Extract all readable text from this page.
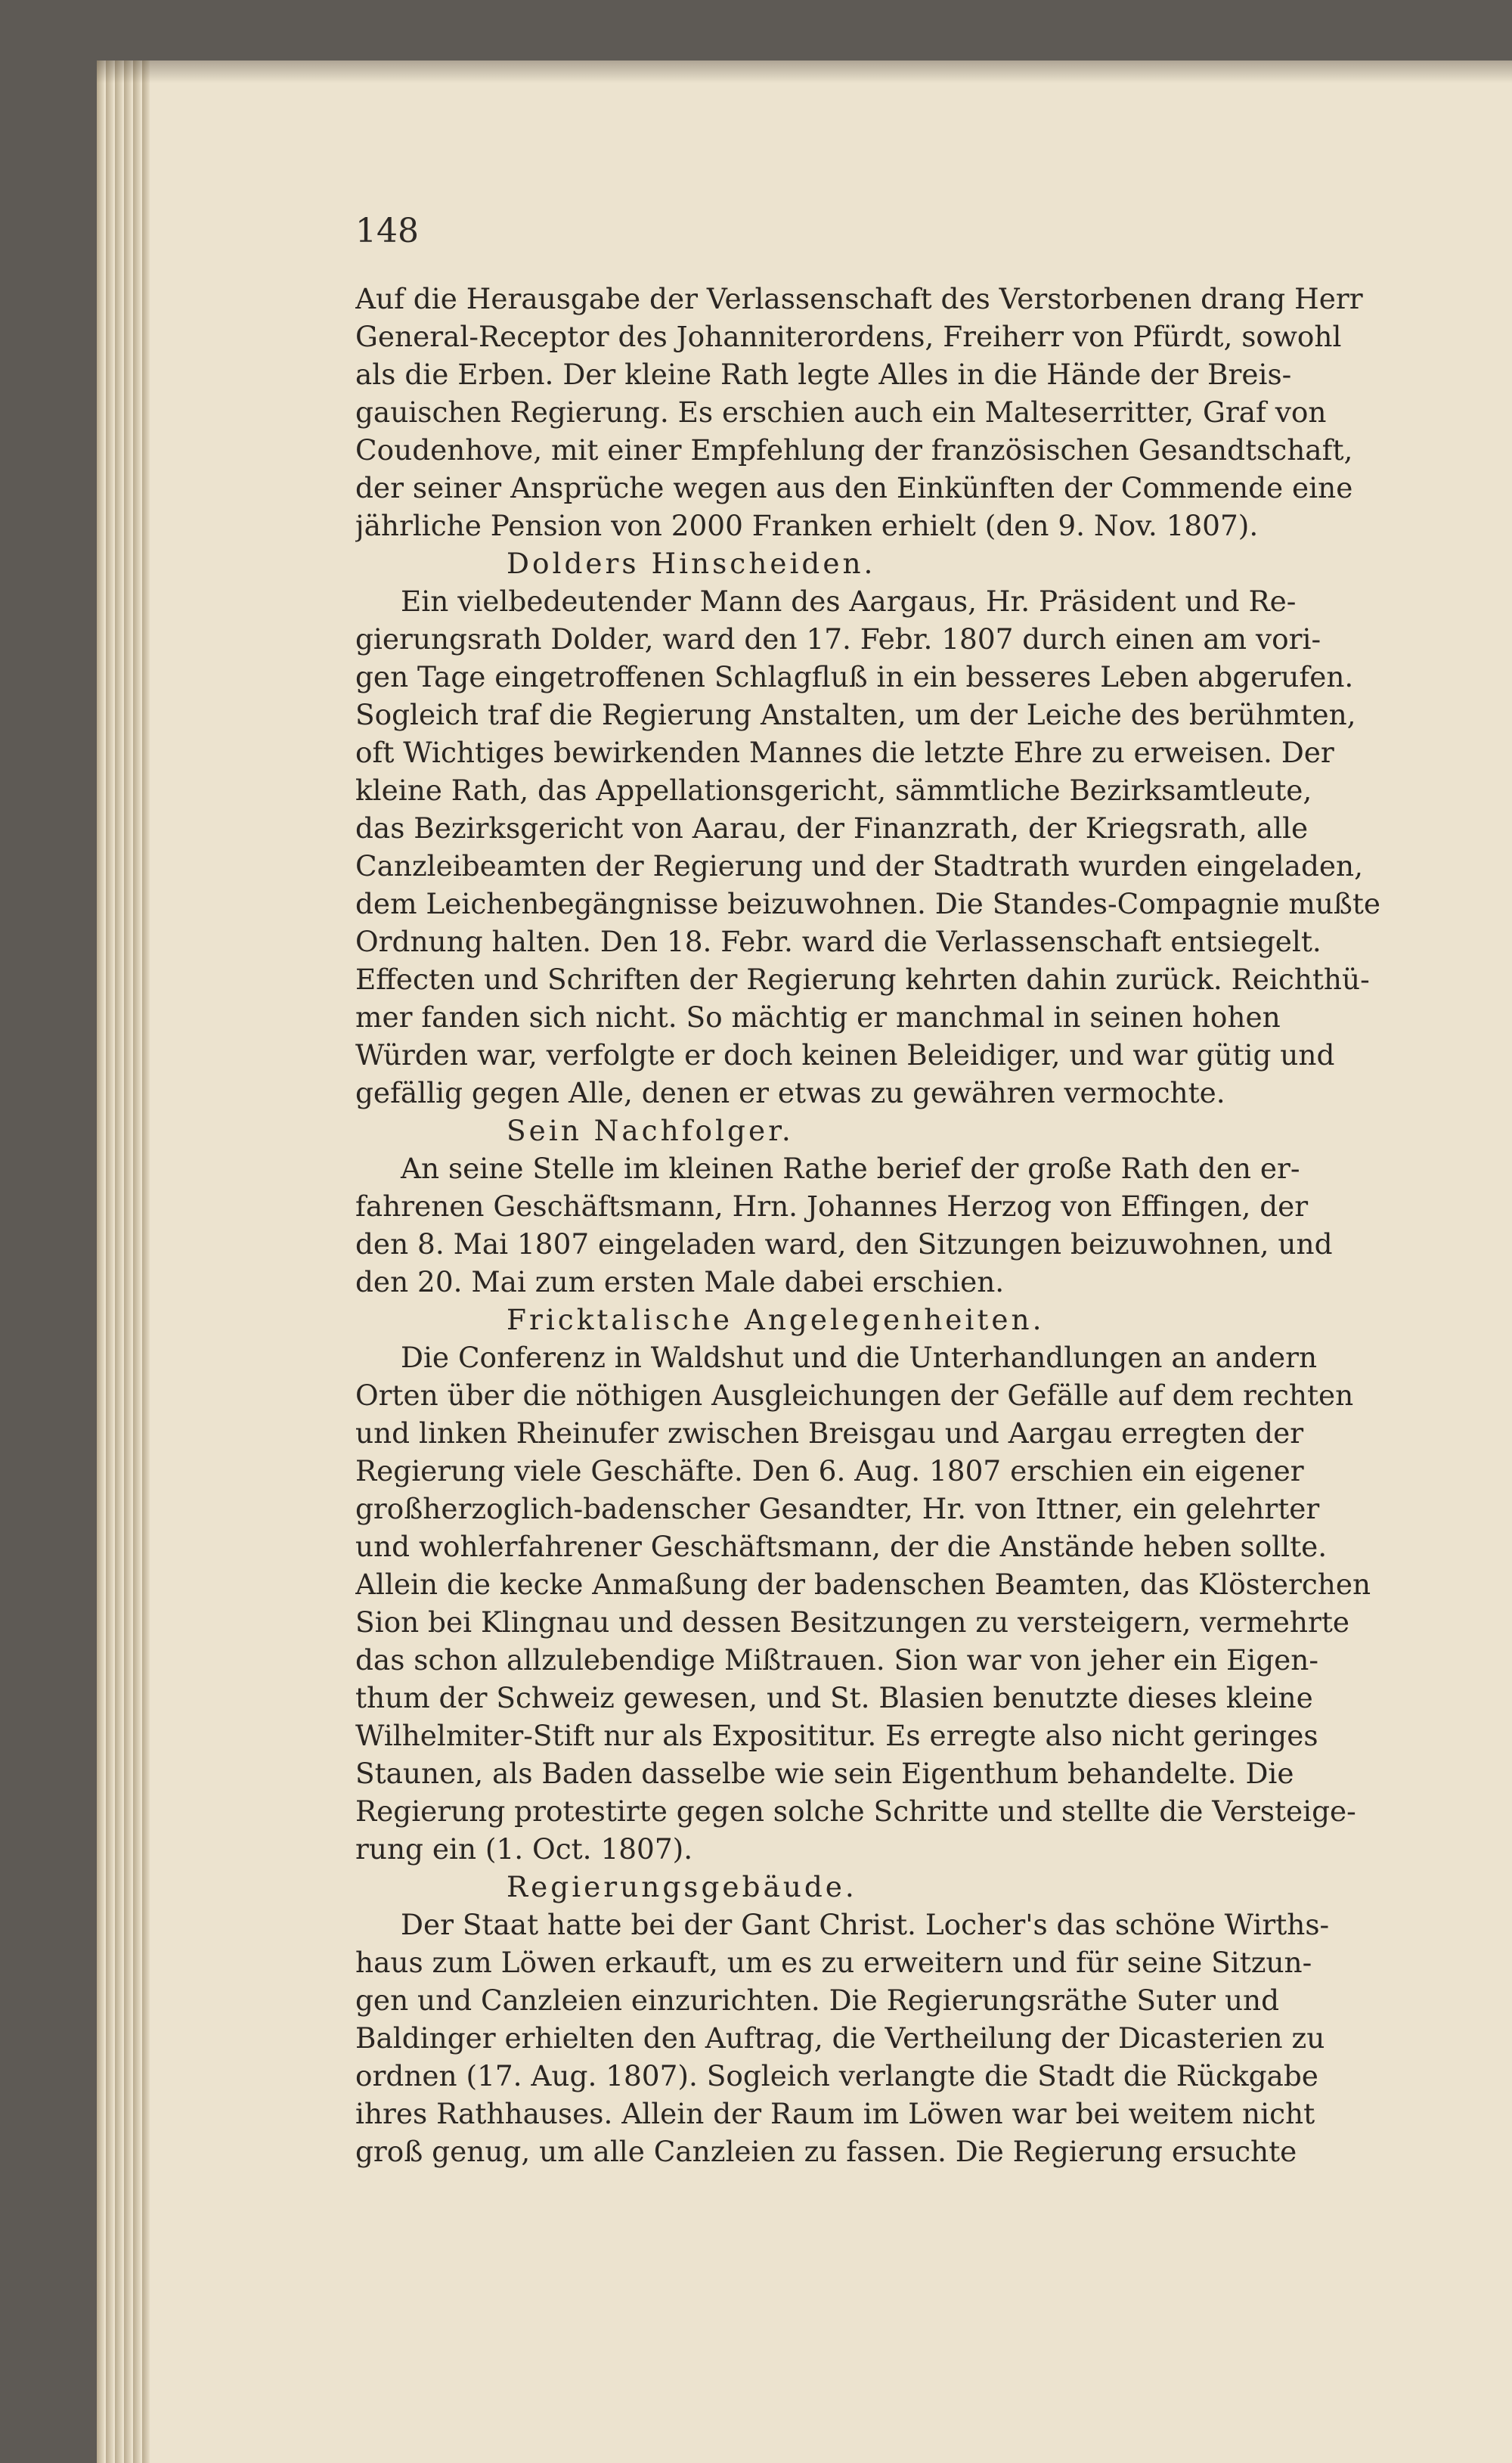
148
Auf die Herausgabe der Verlassenschaft des Verstorbenen drang Herr
General-Receptor des Johanniterordens, Freiherr von Pfürdt, sowohl
als die Erben. Der kleine Rath legte Alles in die Hände der Breis-
gauischen Regierung. Es erschien auch ein Malteserritter, Graf von
Coudenhove, mit einer Empfehlung der französischen Gesandtschaft,
der seiner Ansprüche wegen aus den Einkünften der Commende eine
jährliche Pension von 2000 Franken erhielt (den 9. Nov. 1807).
Dolders Hinscheiden.
Ein vielbedeutender Mann des Aargaus, Hr. Präsident und Re-
gierungsrath Dolder, ward den 17. Febr. 1807 durch einen am vori-
gen Tage eingetroffenen Schlagfluß in ein besseres Leben abgerufen.
Sogleich traf die Regierung Anstalten, um der Leiche des berühmten,
oft Wichtiges bewirkenden Mannes die letzte Ehre zu erweisen. Der
kleine Rath, das Appellationsgericht, sämmtliche Bezirksamtleute,
das Bezirksgericht von Aarau, der Finanzrath, der Kriegsrath, alle
Canzleibeamten der Regierung und der Stadtrath wurden eingeladen,
dem Leichenbegängnisse beizuwohnen. Die Standes-Compagnie mußte
Ordnung halten. Den 18. Febr. ward die Verlassenschaft entsiegelt.
Effecten und Schriften der Regierung kehrten dahin zurück. Reichthü-
mer fanden sich nicht. So mächtig er manchmal in seinen hohen
Würden war, verfolgte er doch keinen Beleidiger, und war gütig und
gefällig gegen Alle, denen er etwas zu gewähren vermochte.
Sein Nachfolger.
An seine Stelle im kleinen Rathe berief der große Rath den er-
fahrenen Geschäftsmann, Hrn. Johannes Herzog von Effingen, der
den 8. Mai 1807 eingeladen ward, den Sitzungen beizuwohnen, und
den 20. Mai zum ersten Male dabei erschien.
Fricktalische Angelegenheiten.
Die Conferenz in Waldshut und die Unterhandlungen an andern
Orten über die nöthigen Ausgleichungen der Gefälle auf dem rechten
und linken Rheinufer zwischen Breisgau und Aargau erregten der
Regierung viele Geschäfte. Den 6. Aug. 1807 erschien ein eigener
großherzoglich-badenscher Gesandter, Hr. von Ittner, ein gelehrter
und wohlerfahrener Geschäftsmann, der die Anstände heben sollte.
Allein die kecke Anmaßung der badenschen Beamten, das Klösterchen
Sion bei Klingnau und dessen Besitzungen zu versteigern, vermehrte
das schon allzulebendige Mißtrauen. Sion war von jeher ein Eigen-
thum der Schweiz gewesen, und St. Blasien benutzte dieses kleine
Wilhelmiter-Stift nur als Exposititur. Es erregte also nicht geringes
Staunen, als Baden dasselbe wie sein Eigenthum behandelte. Die
Regierung protestirte gegen solche Schritte und stellte die Versteige-
rung ein (1. Oct. 1807).
Regierungsgebäude.
Der Staat hatte bei der Gant Christ. Locher's das schöne Wirths-
haus zum Löwen erkauft, um es zu erweitern und für seine Sitzun-
gen und Canzleien einzurichten. Die Regierungsräthe Suter und
Baldinger erhielten den Auftrag, die Vertheilung der Dicasterien zu
ordnen (17. Aug. 1807). Sogleich verlangte die Stadt die Rückgabe
ihres Rathhauses. Allein der Raum im Löwen war bei weitem nicht
groß genug, um alle Canzleien zu fassen. Die Regierung ersuchte
